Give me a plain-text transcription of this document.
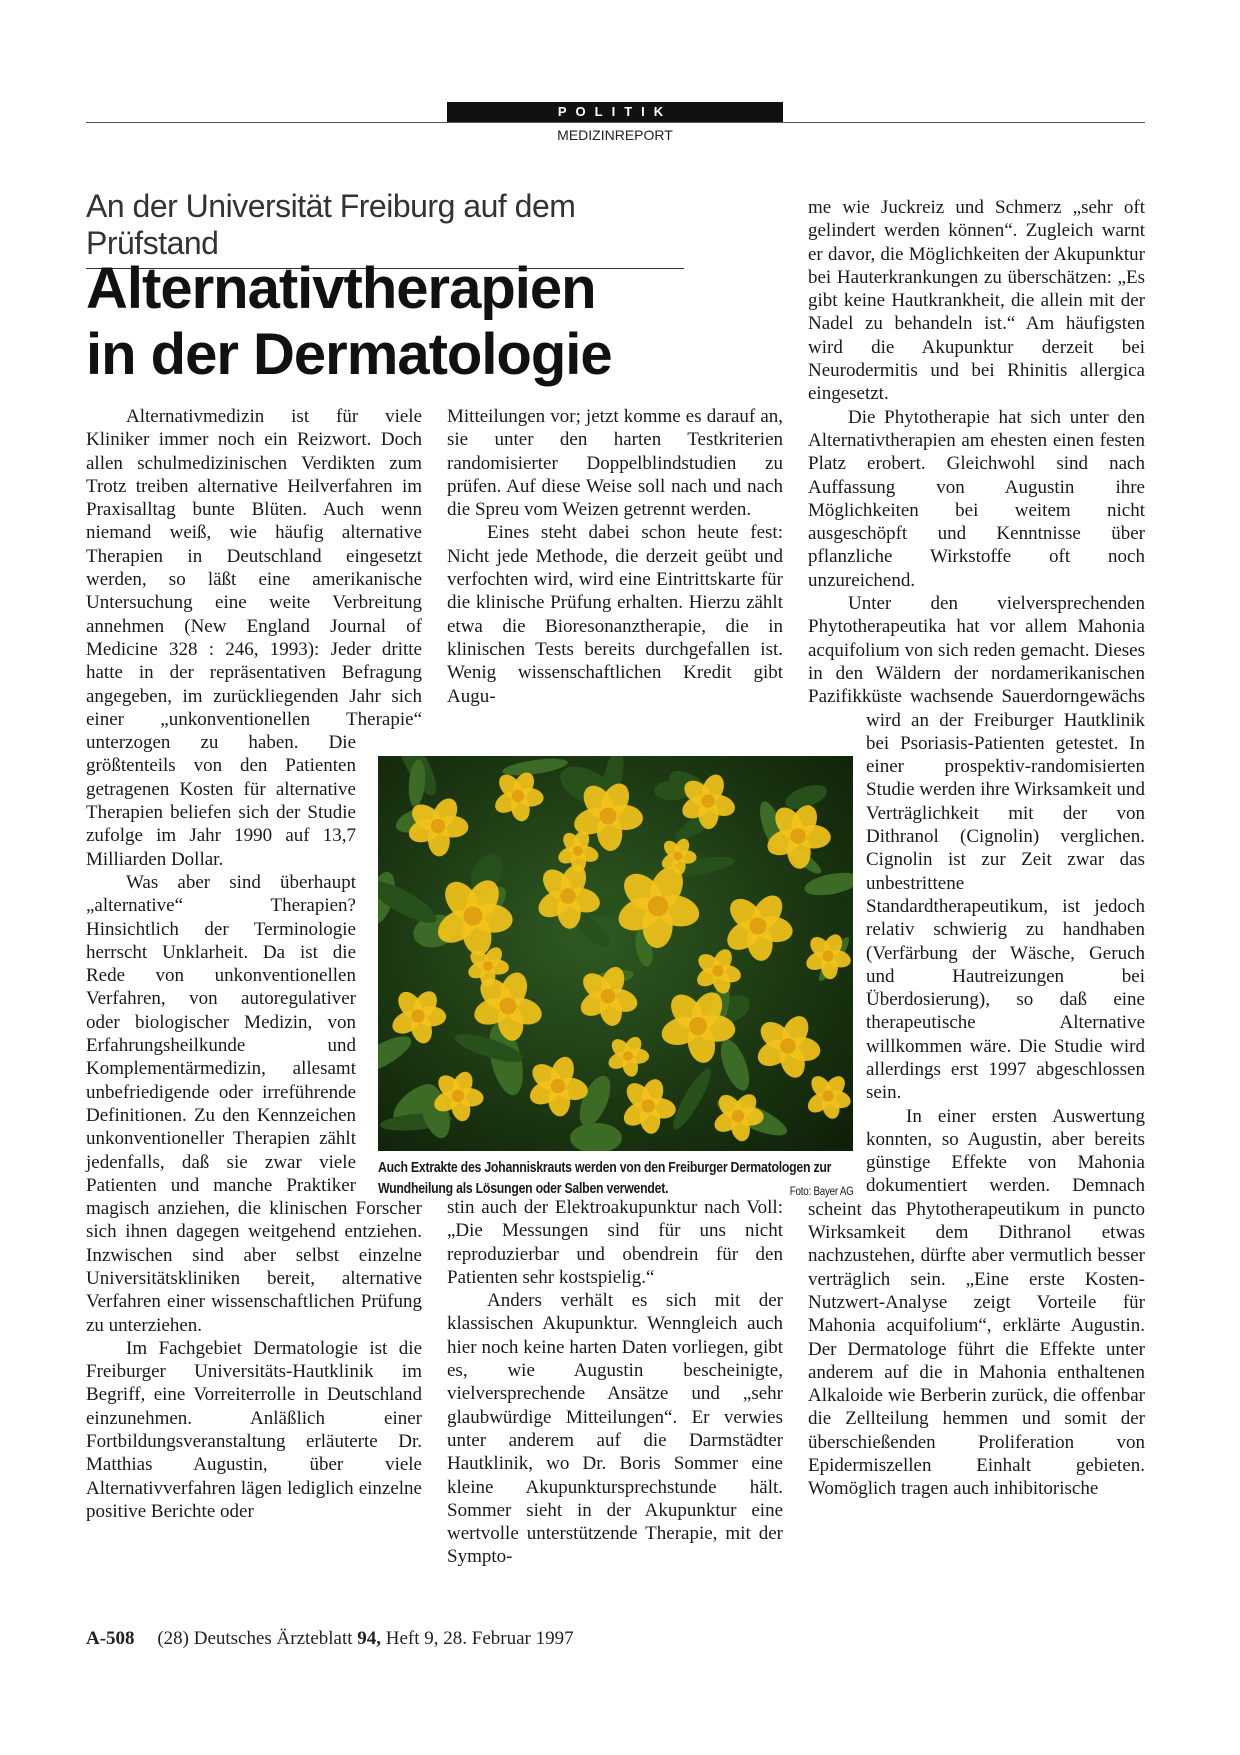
POLITIK
MEDIZINREPORT
An der Universität Freiburg auf dem Prüfstand
Alternativtherapien
in der Dermatologie

Alternativmedizin ist für viele Kliniker immer noch ein Reizwort. Doch allen schulmedizinischen Verdikten zum Trotz treiben alternative Heilverfahren im Praxisalltag bunte Blüten. Auch wenn niemand weiß, wie häufig alternative Therapien in Deutschland eingesetzt werden, so läßt eine amerikanische Untersuchung eine weite Verbreitung annehmen (New England Journal of Medicine 328 : 246, 1993): Jeder dritte hatte in der repräsentativen Befragung angegeben, im zurückliegenden Jahr sich einer „unkonventionellen Therapie“ unterzogen zu haben. Die größtenteils von den Patienten getragenen Kosten für alternative Therapien beliefen sich der Studie zufolge im Jahr 1990 auf 13,7 Milliarden Dollar.

Was aber sind überhaupt „alternative“ Therapien? Hinsichtlich der Terminologie herrscht Unklarheit. Da ist die Rede von unkonventionellen Verfahren, von autoregulativer oder biologischer Medizin, von Erfahrungsheilkunde und Komplementärmedizin, allesamt unbefriedigende oder irreführende Definitionen. Zu den Kennzeichen unkonventioneller Therapien zählt jedenfalls, daß sie zwar viele Patienten und manche Praktiker magisch anziehen, die klinischen Forscher sich ihnen dagegen weitgehend entziehen. Inzwischen sind aber selbst einzelne Universitätskliniken bereit, alternative Verfahren einer wissenschaftlichen Prüfung zu unterziehen.

Im Fachgebiet Dermatologie ist die Freiburger Universitäts-Hautklinik im Begriff, eine Vorreiterrolle in Deutschland einzunehmen. Anläßlich einer Fortbildungsveranstaltung erläuterte Dr. Matthias Augustin, über viele Alternativverfahren lägen lediglich einzelne positive Berichte oder

Mitteilungen vor; jetzt komme es darauf an, sie unter den harten Testkriterien randomisierter Doppelblindstudien zu prüfen. Auf diese Weise soll nach und nach die Spreu vom Weizen getrennt werden.

Eines steht dabei schon heute fest: Nicht jede Methode, die derzeit geübt und verfochten wird, wird eine Eintrittskarte für die klinische Prüfung erhalten. Hierzu zählt etwa die Bioresonanztherapie, die in klinischen Tests bereits durchgefallen ist. Wenig wissenschaftlichen Kredit gibt Augu-

Auch Extrakte des Johanniskrauts werden von den Freiburger Dermatologen zur Wundheilung als Lösungen oder Salben verwendet.	Foto: Bayer AG

stin auch der Elektroakupunktur nach Voll: „Die Messungen sind für uns nicht reproduzierbar und obendrein für den Patienten sehr kostspielig.“

Anders verhält es sich mit der klassischen Akupunktur. Wenngleich auch hier noch keine harten Daten vorliegen, gibt es, wie Augustin bescheinigte, vielversprechende Ansätze und „sehr glaubwürdige Mitteilungen“. Er verwies unter anderem auf die Darmstädter Hautklinik, wo Dr. Boris Sommer eine kleine Akupunktursprechstunde hält. Sommer sieht in der Akupunktur eine wertvolle unterstützende Therapie, mit der Sympto-

me wie Juckreiz und Schmerz „sehr oft gelindert werden können“. Zugleich warnt er davor, die Möglichkeiten der Akupunktur bei Hauterkrankungen zu überschätzen: „Es gibt keine Hautkrankheit, die allein mit der Nadel zu behandeln ist.“ Am häufigsten wird die Akupunktur derzeit bei Neurodermitis und bei Rhinitis allergica eingesetzt.

Die Phytotherapie hat sich unter den Alternativtherapien am ehesten einen festen Platz erobert. Gleichwohl sind nach Auffassung von Augustin ihre Möglichkeiten bei weitem nicht ausgeschöpft und Kenntnisse über pflanzliche Wirkstoffe oft noch unzureichend.

Unter den vielversprechenden Phytotherapeutika hat vor allem Mahonia acquifolium von sich reden gemacht. Dieses in den Wäldern der nordamerikanischen Pazifikküste wachsende Sauerdorngewächs wird an der Freiburger Hautklinik bei Psoriasis-Patienten getestet. In einer prospektiv-randomisierten Studie werden ihre Wirksamkeit und Verträglichkeit mit der von Dithranol (Cignolin) verglichen. Cignolin ist zur Zeit zwar das unbestrittene Standardtherapeutikum, ist jedoch relativ schwierig zu handhaben (Verfärbung der Wäsche, Geruch und Hautreizungen bei Überdosierung), so daß eine therapeutische Alternative willkommen wäre. Die Studie wird allerdings erst 1997 abgeschlossen sein.

In einer ersten Auswertung konnten, so Augustin, aber bereits günstige Effekte von Mahonia dokumentiert werden. Demnach scheint das Phytotherapeutikum in puncto Wirksamkeit dem Dithranol etwas nachzustehen, dürfte aber vermutlich besser verträglich sein. „Eine erste Kosten-Nutzwert-Analyse zeigt Vorteile für Mahonia acquifolium“, erklärte Augustin. Der Dermatologe führt die Effekte unter anderem auf die in Mahonia enthaltenen Alkaloide wie Berberin zurück, die offenbar die Zellteilung hemmen und somit der überschießenden Proliferation von Epidermiszellen Einhalt gebieten. Womöglich tragen auch inhibitorische

A-508 (28) Deutsches Ärzteblatt 94, Heft 9, 28. Februar 1997
